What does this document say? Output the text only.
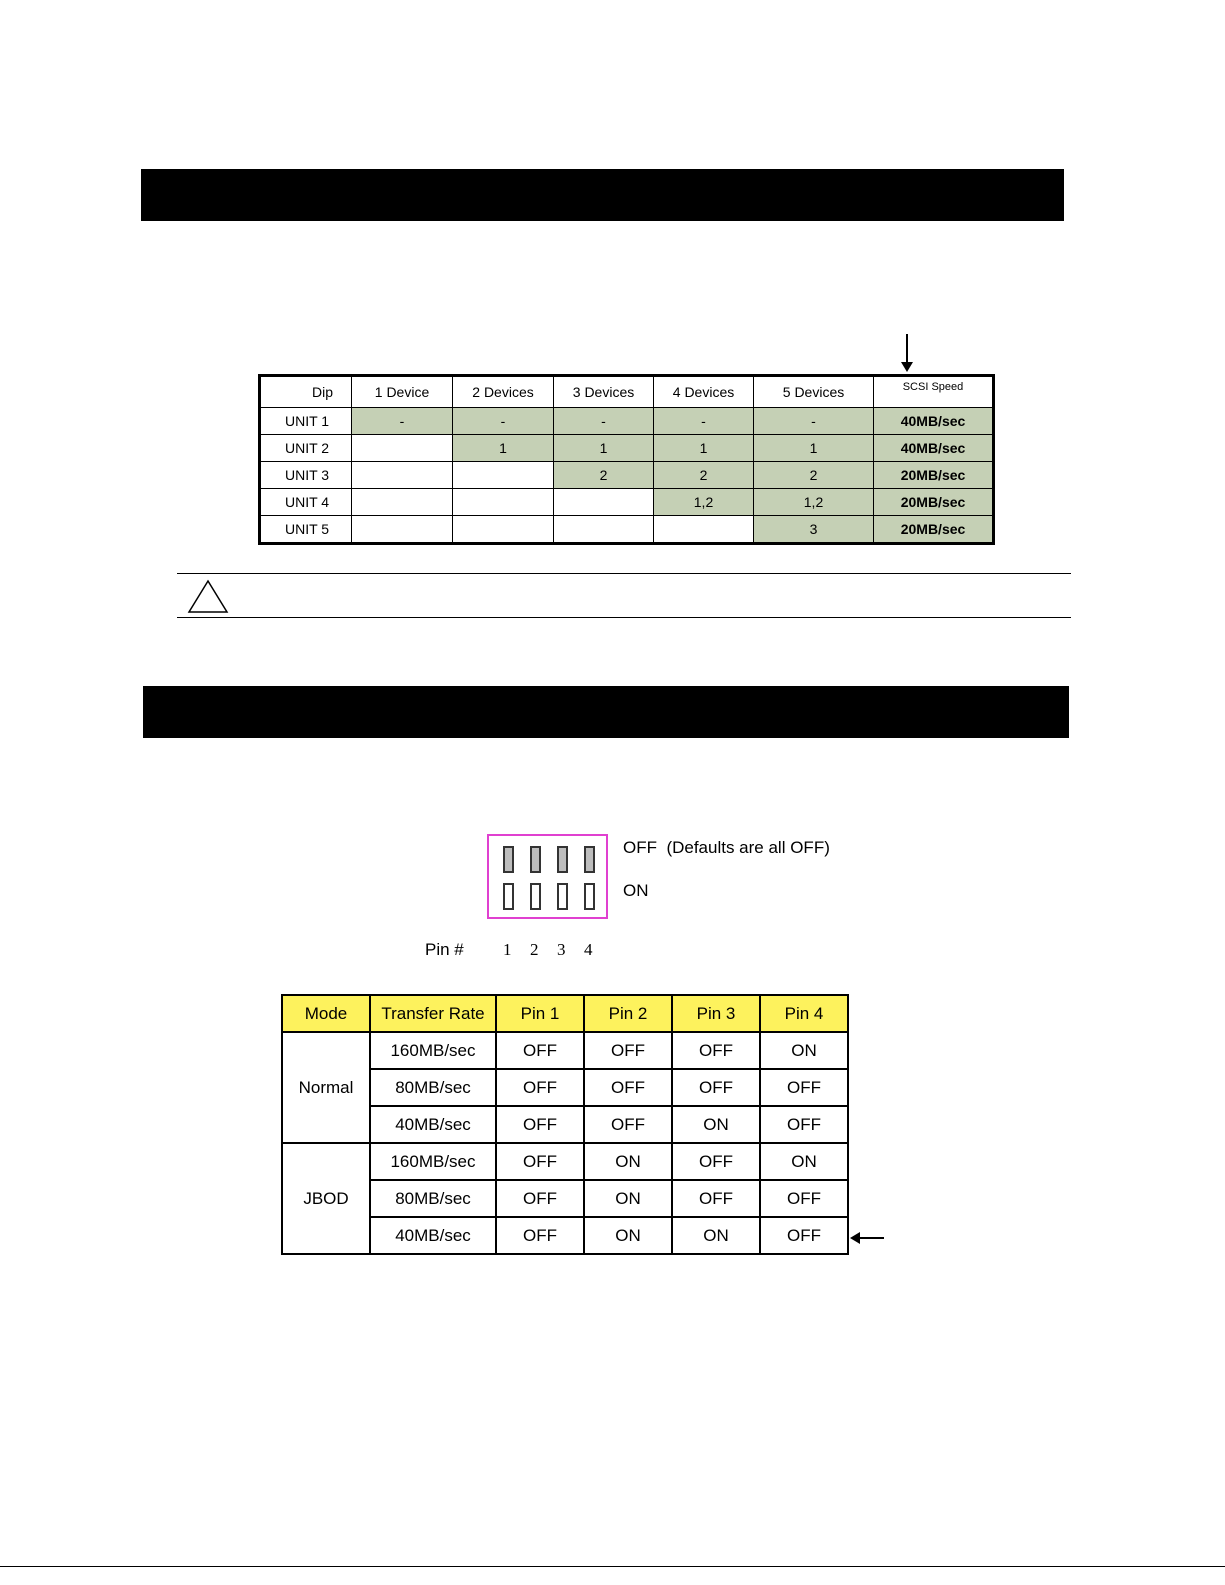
Dip	1 Device	2 Devices	3 Devices	4 Devices	5 Devices	SCSI Speed
UNIT 1	-	-	-	-	-	40MB/sec
UNIT 2		1	1	1	1	40MB/sec
UNIT 3			2	2	2	20MB/sec
UNIT 4				1,2	1,2	20MB/sec
UNIT 5					3	20MB/sec
OFF  (Defaults are all OFF)
ON
Pin # 1 2 3 4
Mode	Transfer Rate	Pin 1	Pin 2	Pin 3	Pin 4
Normal	160MB/sec	OFF	OFF	OFF	ON
	80MB/sec	OFF	OFF	OFF	OFF
	40MB/sec	OFF	OFF	ON	OFF
JBOD	160MB/sec	OFF	ON	OFF	ON
	80MB/sec	OFF	ON	OFF	OFF
	40MB/sec	OFF	ON	ON	OFF
